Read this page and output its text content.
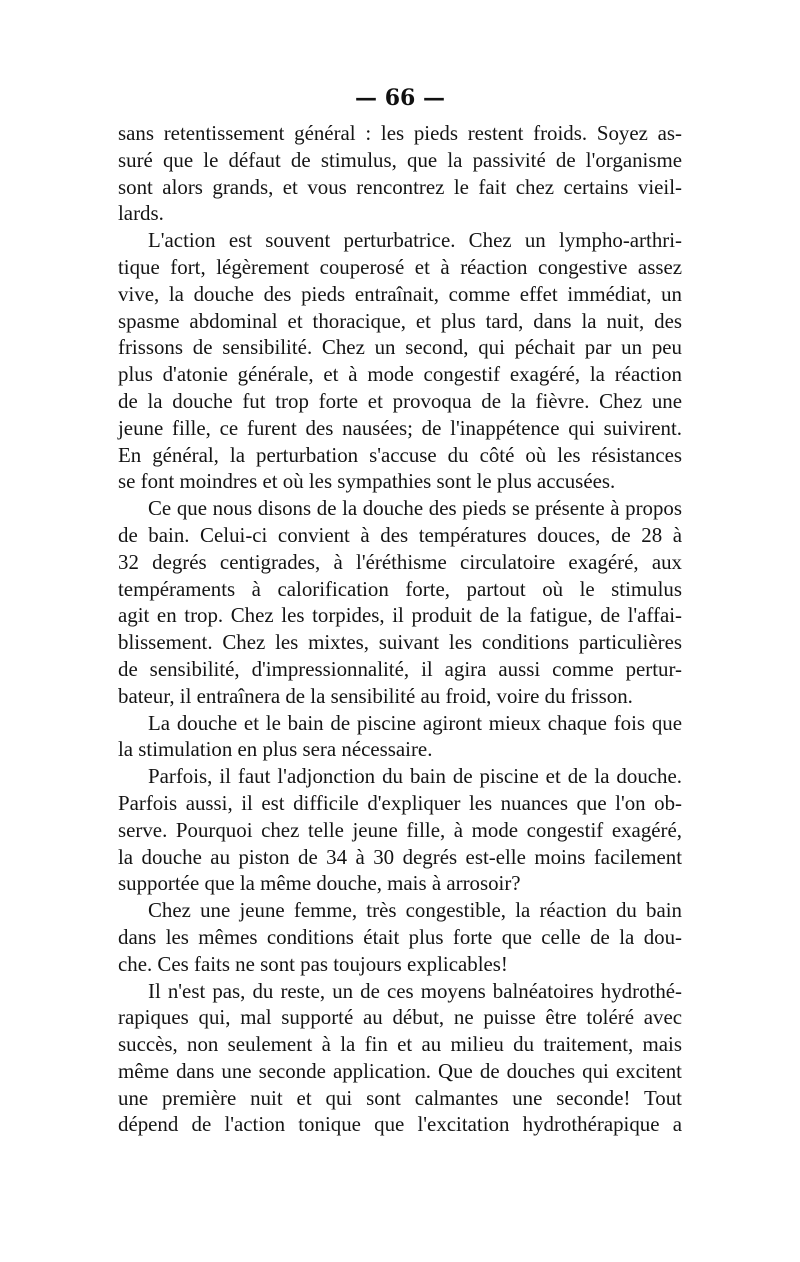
— 66 —
sans retentissement général : les pieds restent froids. Soyez as-
suré que le défaut de stimulus, que la passivité de l'organisme
sont alors grands, et vous rencontrez le fait chez certains vieil-
lards.
L'action est souvent perturbatrice. Chez un lympho-arthri-
tique fort, légèrement couperosé et à réaction congestive assez
vive, la douche des pieds entraînait, comme effet immédiat, un
spasme abdominal et thoracique, et plus tard, dans la nuit, des
frissons de sensibilité. Chez un second, qui péchait par un peu
plus d'atonie générale, et à mode congestif exagéré, la réaction
de la douche fut trop forte et provoqua de la fièvre. Chez une
jeune fille, ce furent des nausées; de l'inappétence qui suivirent.
En général, la perturbation s'accuse du côté où les résistances
se font moindres et où les sympathies sont le plus accusées.
Ce que nous disons de la douche des pieds se présente à propos
de bain. Celui-ci convient à des températures douces, de 28 à
32 degrés centigrades, à l'éréthisme circulatoire exagéré, aux
tempéraments à calorification forte, partout où le stimulus
agit en trop. Chez les torpides, il produit de la fatigue, de l'affai-
blissement. Chez les mixtes, suivant les conditions particulières
de sensibilité, d'impressionnalité, il agira aussi comme pertur-
bateur, il entraînera de la sensibilité au froid, voire du frisson.
La douche et le bain de piscine agiront mieux chaque fois que
la stimulation en plus sera nécessaire.
Parfois, il faut l'adjonction du bain de piscine et de la douche.
Parfois aussi, il est difficile d'expliquer les nuances que l'on ob-
serve. Pourquoi chez telle jeune fille, à mode congestif exagéré,
la douche au piston de 34 à 30 degrés est-elle moins facilement
supportée que la même douche, mais à arrosoir?
Chez une jeune femme, très congestible, la réaction du bain
dans les mêmes conditions était plus forte que celle de la dou-
che. Ces faits ne sont pas toujours explicables!
Il n'est pas, du reste, un de ces moyens balnéatoires hydrothé-
rapiques qui, mal supporté au début, ne puisse être toléré avec
succès, non seulement à la fin et au milieu du traitement, mais
même dans une seconde application. Que de douches qui excitent
une première nuit et qui sont calmantes une seconde! Tout
dépend de l'action tonique que l'excitation hydrothérapique a
